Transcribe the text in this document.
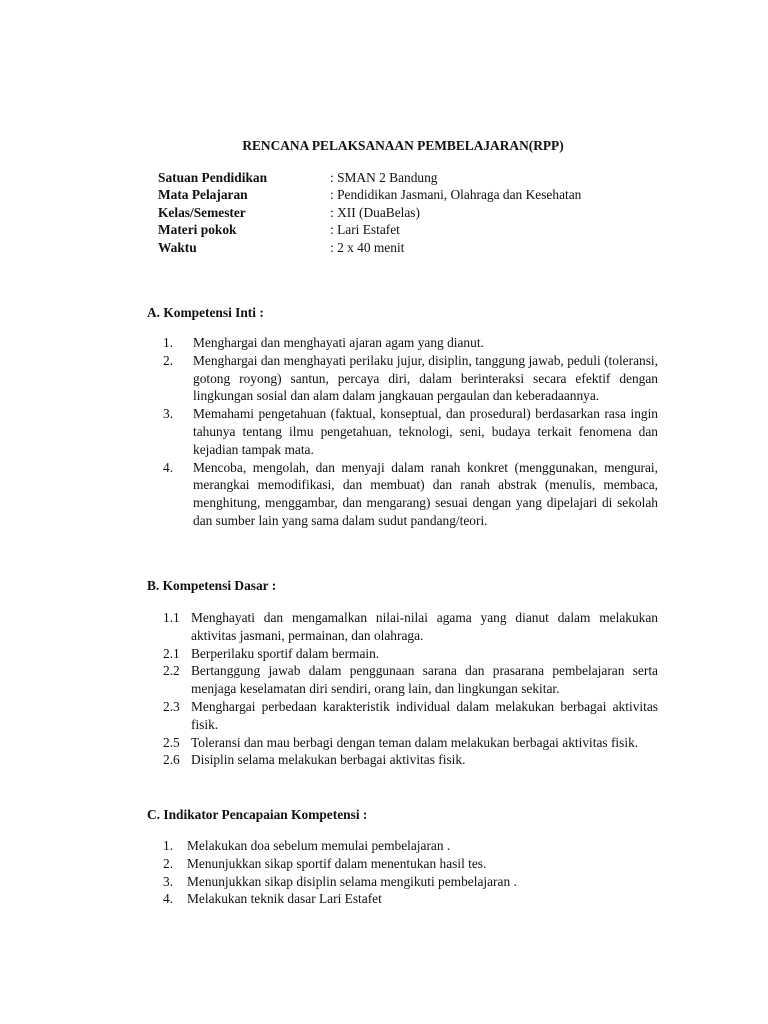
RENCANA PELAKSANAAN PEMBELAJARAN(RPP)
Satuan Pendidikan	: SMAN 2 Bandung
Mata Pelajaran	: Pendidikan Jasmani, Olahraga dan Kesehatan
Kelas/Semester	: XII (DuaBelas)
Materi pokok	: Lari Estafet
Waktu	: 2 x 40 menit
A. Kompetensi Inti :
1.	Menghargai dan menghayati ajaran agam yang dianut.
2.	Menghargai dan menghayati perilaku jujur, disiplin, tanggung jawab, peduli (toleransi, gotong royong) santun, percaya diri, dalam berinteraksi secara efektif dengan lingkungan sosial dan alam dalam jangkauan pergaulan dan keberadaannya.
3.	Memahami pengetahuan (faktual, konseptual, dan prosedural) berdasarkan rasa ingin tahunya tentang ilmu pengetahuan, teknologi, seni, budaya terkait fenomena dan kejadian tampak mata.
4.	Mencoba, mengolah, dan menyaji dalam ranah konkret (menggunakan, mengurai, merangkai memodifikasi, dan membuat) dan ranah abstrak (menulis, membaca, menghitung, menggambar, dan mengarang) sesuai dengan yang dipelajari di sekolah dan sumber lain yang sama dalam sudut pandang/teori.
B. Kompetensi Dasar :
1.1 Menghayati dan mengamalkan nilai-nilai agama yang dianut dalam melakukan aktivitas jasmani, permainan, dan olahraga.
2.1 Berperilaku sportif dalam bermain.
2.2 Bertanggung jawab dalam penggunaan sarana dan prasarana pembelajaran serta menjaga keselamatan diri sendiri, orang lain, dan lingkungan sekitar.
2.3 Menghargai perbedaan karakteristik individual dalam melakukan berbagai aktivitas fisik.
2.5 Toleransi dan mau berbagi dengan teman dalam melakukan berbagai aktivitas fisik.
2.6 Disiplin selama melakukan berbagai aktivitas fisik.
C. Indikator Pencapaian Kompetensi :
1.	Melakukan doa sebelum memulai pembelajaran .
2.	Menunjukkan sikap sportif dalam menentukan hasil tes.
3.	Menunjukkan sikap disiplin selama mengikuti pembelajaran .
4.	Melakukan teknik dasar Lari Estafet
